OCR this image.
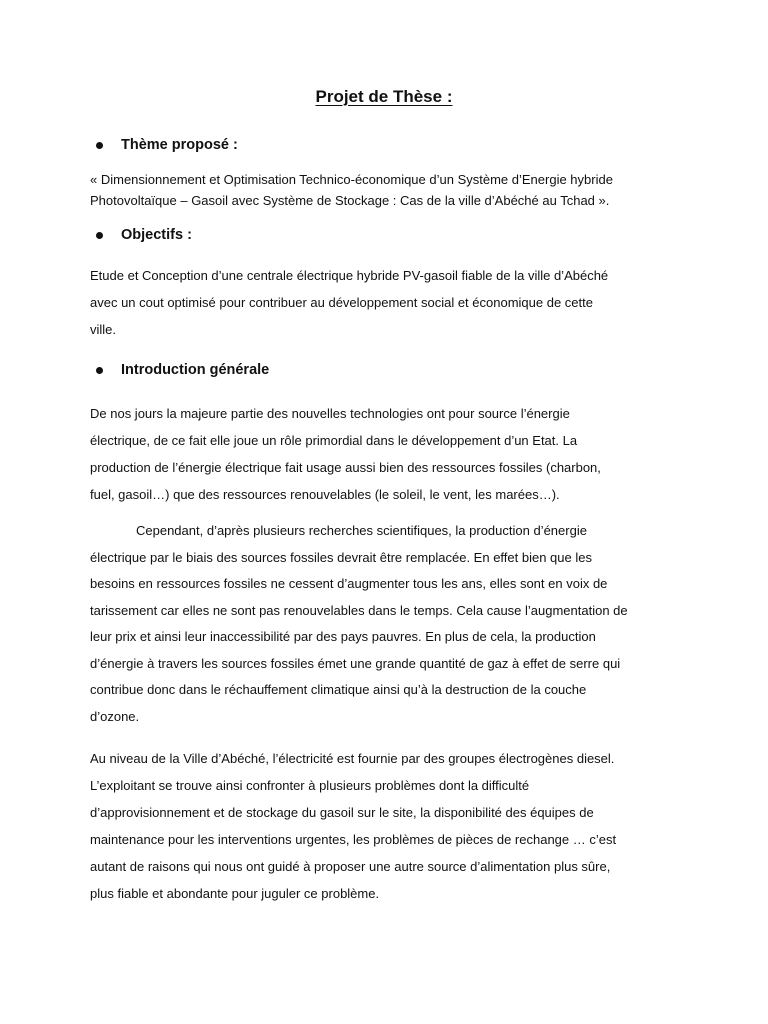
Projet de Thèse :
Thème proposé :
« Dimensionnement et Optimisation Technico-économique d’un Système d’Energie hybride
Photovoltaïque – Gasoil avec Système de Stockage : Cas de la ville d’Abéché au Tchad ».
Objectifs :
Etude et Conception d’une centrale électrique hybride PV-gasoil fiable de la ville d’Abéché
avec un cout optimisé pour contribuer au développement social et économique de cette
ville.
Introduction générale
De nos jours la majeure partie des nouvelles technologies ont pour source l’énergie
électrique, de ce fait elle joue un rôle primordial dans le développement d’un Etat. La
production de l’énergie électrique fait usage aussi bien des ressources fossiles (charbon,
fuel, gasoil…) que des ressources renouvelables (le soleil, le vent, les marées…).
Cependant, d’après plusieurs recherches scientifiques, la production d’énergie
électrique par le biais des sources fossiles devrait être remplacée. En effet bien que les
besoins en ressources fossiles ne cessent d’augmenter tous les ans, elles sont en voix de
tarissement car elles ne sont pas renouvelables dans le temps. Cela cause l’augmentation de
leur prix et ainsi leur inaccessibilité par des pays pauvres. En plus de cela, la production
d’énergie à travers les sources fossiles émet une grande quantité de gaz à effet de serre qui
contribue donc dans le réchauffement climatique ainsi qu’à la destruction de la couche
d’ozone.
Au niveau de la Ville d’Abéché, l’électricité est fournie par des groupes électrogènes diesel.
L’exploitant se trouve ainsi confronter à plusieurs problèmes dont la difficulté
d’approvisionnement et de stockage du gasoil sur le site, la disponibilité des équipes de
maintenance pour les interventions urgentes, les problèmes de pièces de rechange … c’est
autant de raisons qui nous ont guidé à proposer une autre source d’alimentation plus sûre,
plus fiable et abondante pour juguler ce problème.
